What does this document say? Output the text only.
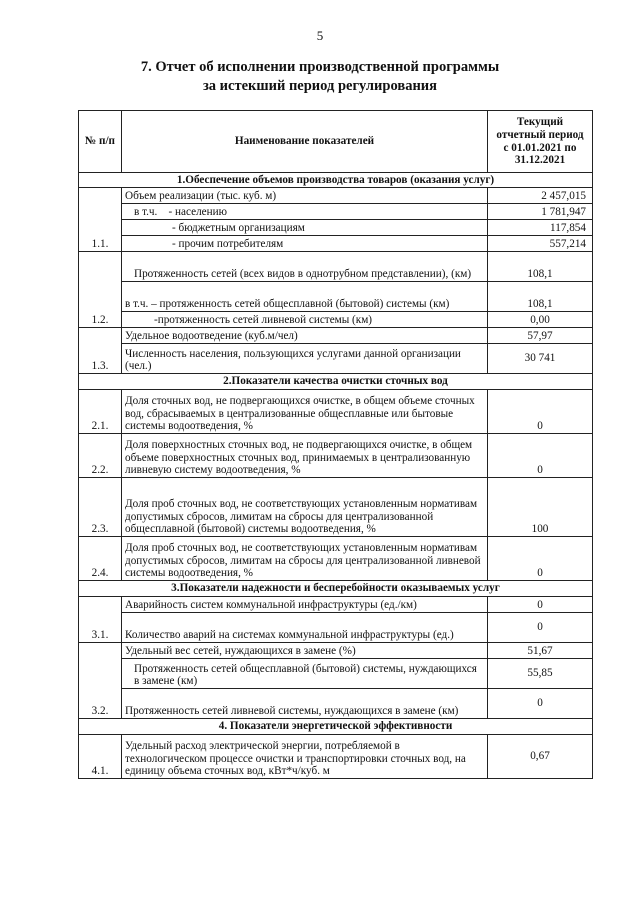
5
7. Отчет об исполнении производственной программы
за истекший период регулирования
№ п/п	Наименование показателей	Текущий отчетный период с 01.01.2021 по 31.12.2021
1.Обеспечение объемов производства товаров (оказания услуг)		
1.1.	Объем реализации (тыс. куб. м)	2 457,015
	в т.ч.    - населению	1 781,947
	- бюджетным организациям	117,854
	- прочим потребителям	557,214
1.2.	Протяженность сетей (всех видов в однотрубном представлении), (км)	108,1
	в т.ч. – протяженность сетей общесплавной (бытовой) системы (км)	108,1
	-протяженность сетей ливневой системы (км)	0,00
1.3.	Удельное водоотведение (куб.м/чел)	57,97
	Численность населения, пользующихся услугами данной организации (чел.)	30 741
2.Показатели качества очистки сточных вод		
2.1.	Доля сточных вод, не подвергающихся очистке, в общем объеме сточных вод, сбрасываемых в централизованные общесплавные или бытовые системы водоотведения, %	0
2.2.	Доля поверхностных сточных вод, не подвергающихся очистке, в общем объеме поверхностных сточных вод, принимаемых в централизованную ливневую систему водоотведения, %	0
2.3.	Доля проб сточных вод, не соответствующих установленным нормативам допустимых сбросов, лимитам на сбросы для централизованной общесплавной (бытовой) системы водоотведения, %	100
2.4.	Доля проб сточных вод, не соответствующих установленным нормативам допустимых сбросов, лимитам на сбросы для централизованной ливневой системы водоотведения, %	0
3.Показатели надежности и бесперебойности оказываемых услуг		
3.1.	Аварийность систем коммунальной инфраструктуры (ед./км)	0
	Количество аварий на системах коммунальной инфраструктуры (ед.)	0
3.2.	Удельный вес сетей, нуждающихся в замене (%)	51,67
	Протяженность сетей общесплавной (бытовой) системы, нуждающихся в замене (км)	55,85
	Протяженность сетей ливневой системы, нуждающихся в замене (км)	0
4. Показатели энергетической эффективности		
4.1.	Удельный расход электрической энергии, потребляемой в технологическом процессе очистки и транспортировки сточных вод, на единицу объема сточных вод, кВт*ч/куб. м	0,67
